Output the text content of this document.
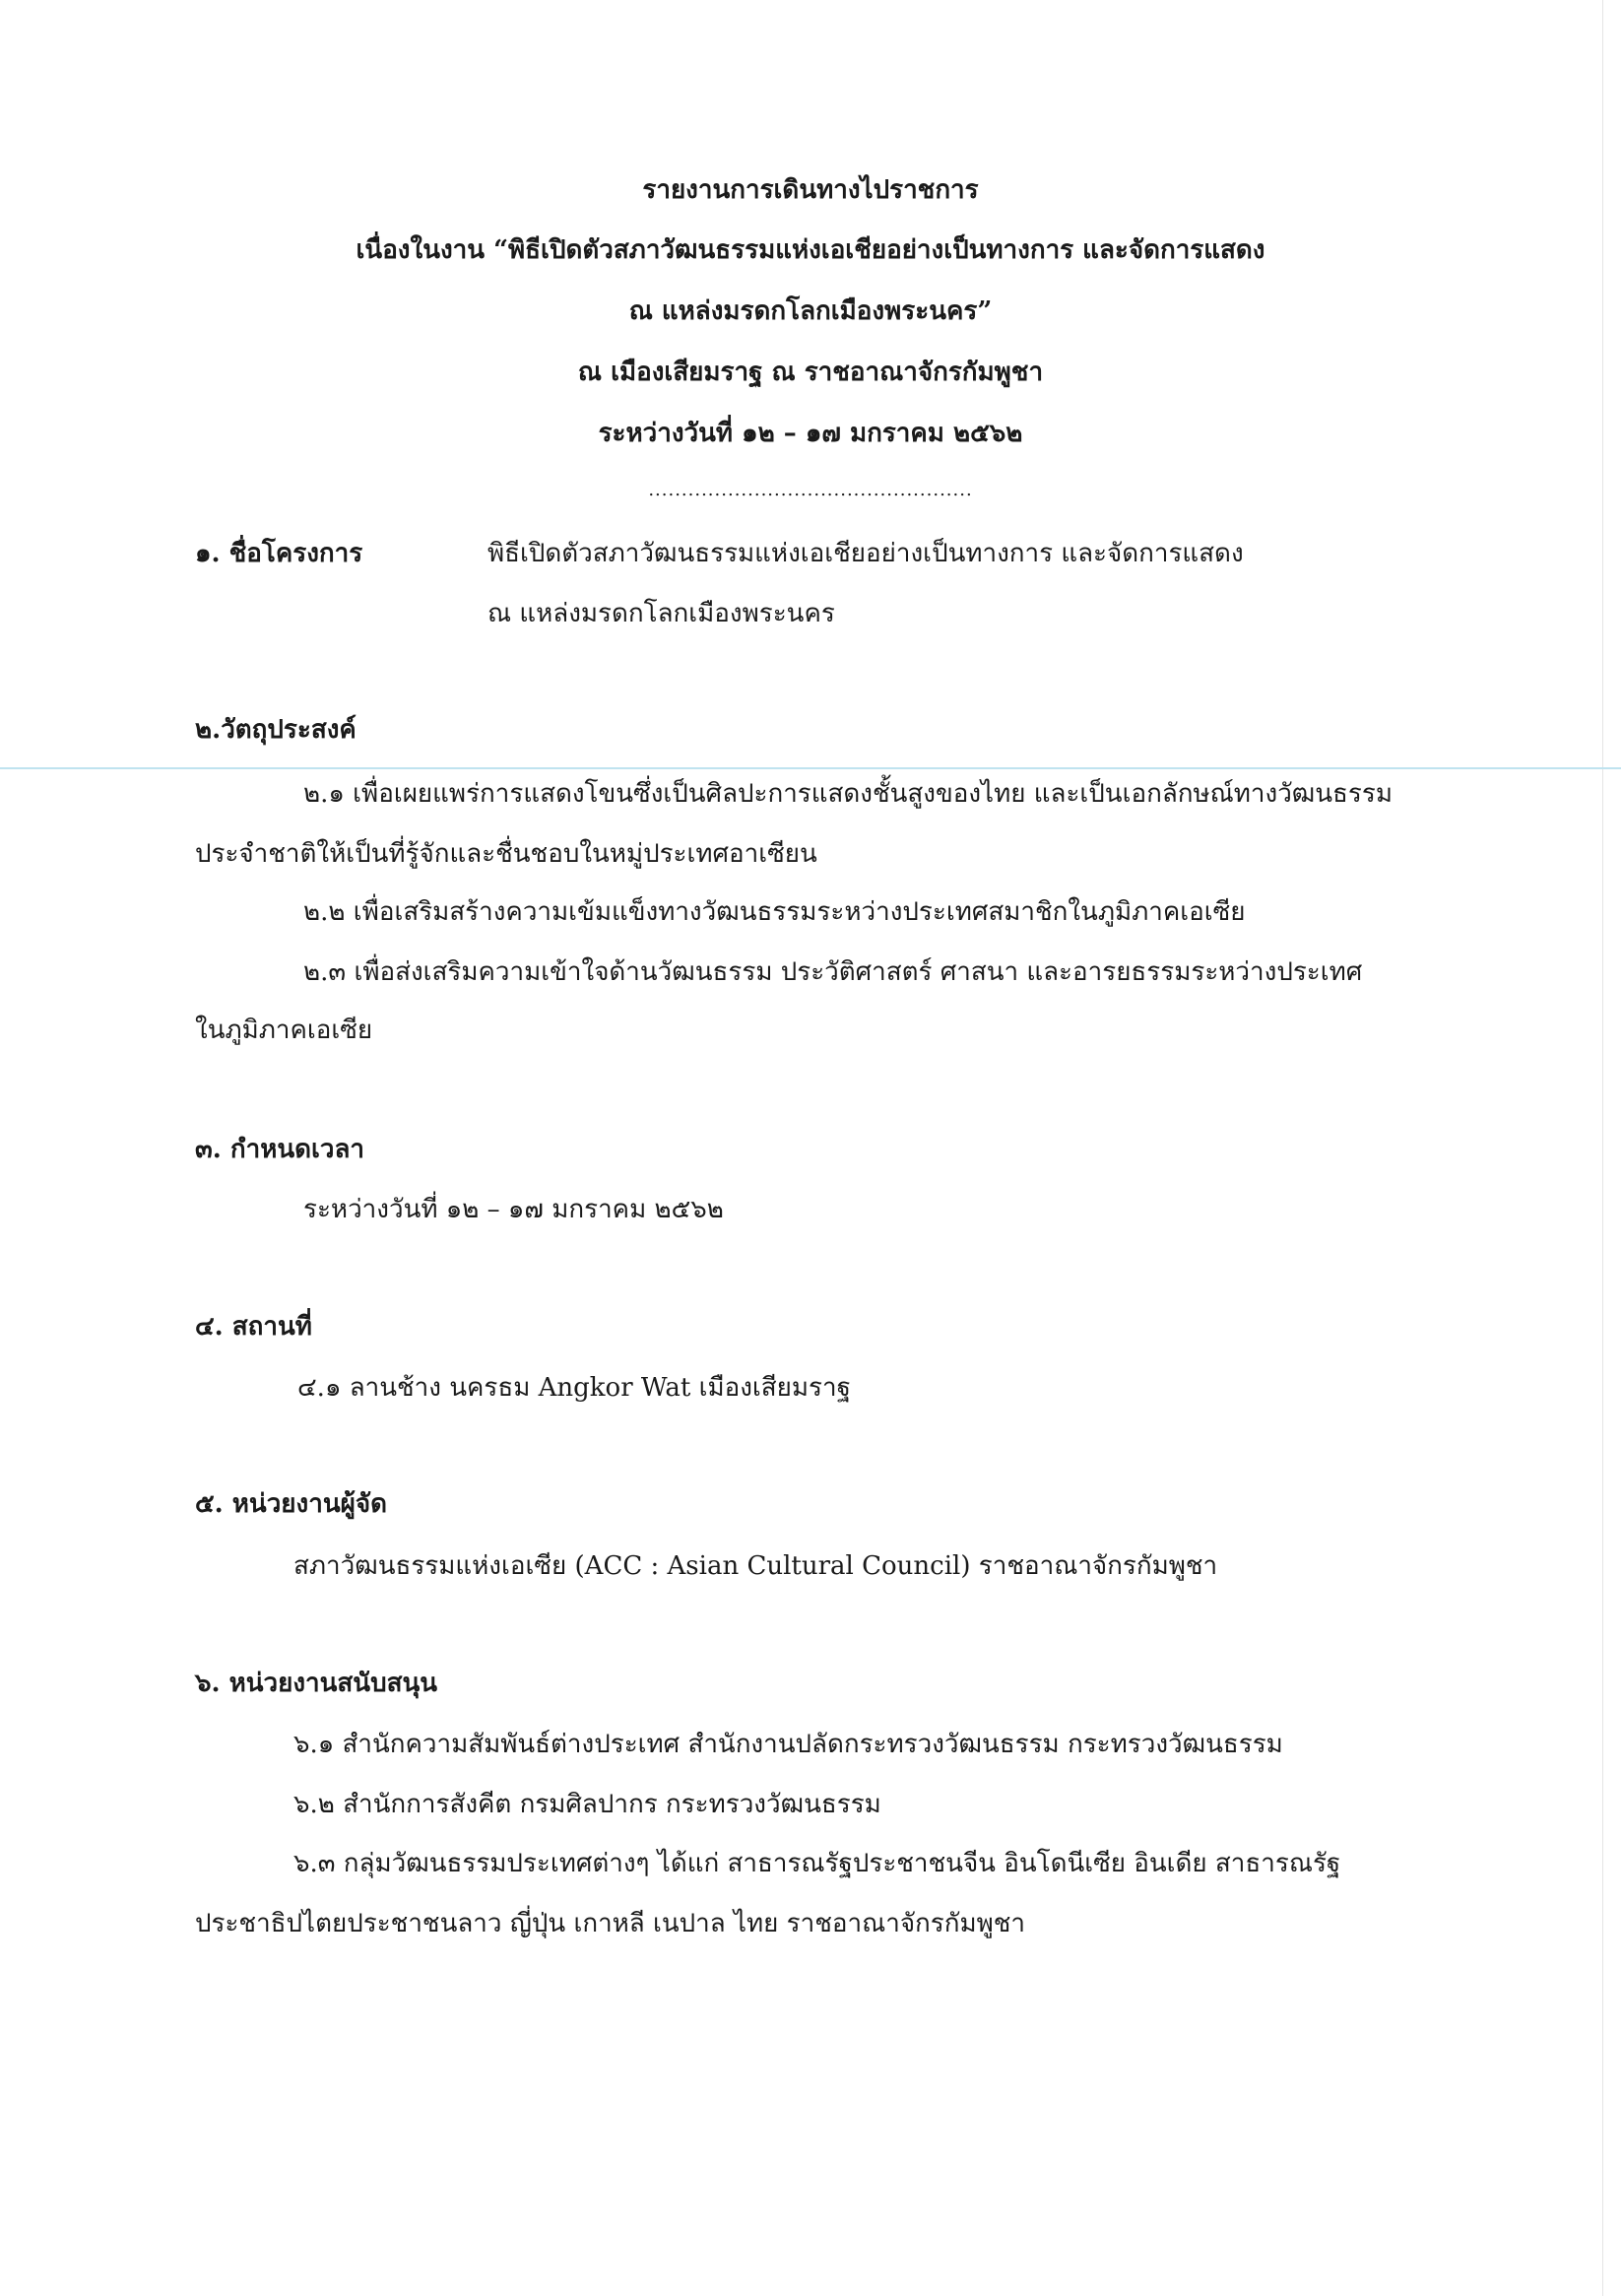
รายงานการเดินทางไปราชการ
เนื่องในงาน “พิธีเปิดตัวสภาวัฒนธรรมแห่งเอเชียอย่างเป็นทางการ และจัดการแสดง
ณ แหล่งมรดกโลกเมืองพระนคร”
ณ เมืองเสียมราฐ ณ ราชอาณาจักรกัมพูชา
ระหว่างวันที่ ๑๒ – ๑๗ มกราคม ๒๕๖๒
.................................................
๑. ชื่อโครงการ	พิธีเปิดตัวสภาวัฒนธรรมแห่งเอเชียอย่างเป็นทางการ และจัดการแสดง
ณ แหล่งมรดกโลกเมืองพระนคร
๒.วัตถุประสงค์
๒.๑ เพื่อเผยแพร่การแสดงโขนซึ่งเป็นศิลปะการแสดงชั้นสูงของไทย และเป็นเอกลักษณ์ทางวัฒนธรรม
ประจำชาติให้เป็นที่รู้จักและชื่นชอบในหมู่ประเทศอาเซียน
๒.๒ เพื่อเสริมสร้างความเข้มแข็งทางวัฒนธรรมระหว่างประเทศสมาชิกในภูมิภาคเอเซีย
๒.๓ เพื่อส่งเสริมความเข้าใจด้านวัฒนธรรม ประวัติศาสตร์ ศาสนา และอารยธรรมระหว่างประเทศ
ในภูมิภาคเอเซีย
๓. กำหนดเวลา
ระหว่างวันที่ ๑๒ – ๑๗ มกราคม ๒๕๖๒
๔. สถานที่
๔.๑ ลานช้าง นครธม Angkor Wat เมืองเสียมราฐ
๕. หน่วยงานผู้จัด
สภาวัฒนธรรมแห่งเอเซีย (ACC : Asian Cultural Council) ราชอาณาจักรกัมพูชา
๖. หน่วยงานสนับสนุน
๖.๑ สำนักความสัมพันธ์ต่างประเทศ สำนักงานปลัดกระทรวงวัฒนธรรม กระทรวงวัฒนธรรม
๖.๒ สำนักการสังคีต กรมศิลปากร กระทรวงวัฒนธรรม
๖.๓ กลุ่มวัฒนธรรมประเทศต่างๆ ได้แก่ สาธารณรัฐประชาชนจีน อินโดนีเซีย อินเดีย สาธารณรัฐ
ประชาธิปไตยประชาชนลาว ญี่ปุ่น เกาหลี เนปาล ไทย ราชอาณาจักรกัมพูชา
